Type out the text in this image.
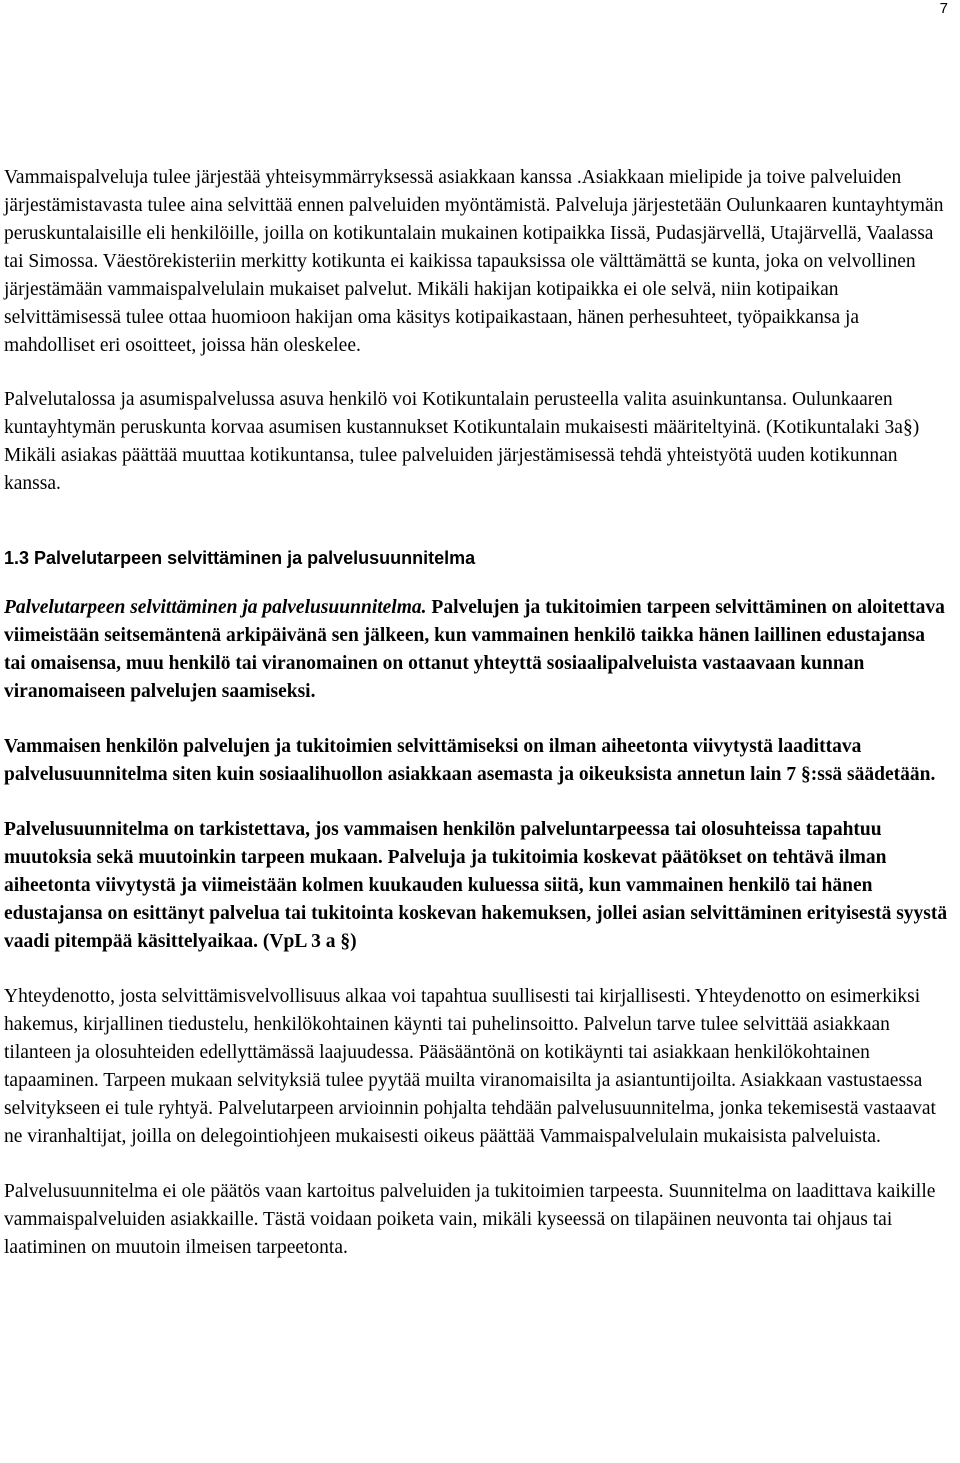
7

Vammaispalveluja tulee järjestää yhteisymmärryksessä asiakkaan kanssa .Asiakkaan mielipide ja toive palveluiden järjestämistavasta tulee aina selvittää ennen palveluiden myöntämistä. Palveluja järjestetään Oulunkaaren kuntayhtymän peruskuntalaisille eli henkilöille, joilla on kotikuntalain mukainen kotipaikka Iissä, Pudasjärvellä, Utajärvellä, Vaalassa tai Simossa. Väestörekisteriin merkitty kotikunta ei kaikissa tapauksissa ole välttämättä se kunta, joka on velvollinen järjestämään vammaispalvelulain mukaiset palvelut. Mikäli hakijan kotipaikka ei ole selvä, niin kotipaikan selvittämisessä tulee ottaa huomioon hakijan oma käsitys kotipaikastaan, hänen perhesuhteet, työpaikkansa ja mahdolliset eri osoitteet, joissa hän oleskelee.

Palvelutalossa ja asumispalvelussa asuva henkilö voi Kotikuntalain perusteella valita asuinkuntansa. Oulunkaaren kuntayhtymän peruskunta korvaa asumisen kustannukset Kotikuntalain mukaisesti määriteltyinä. (Kotikuntalaki 3a§) Mikäli asiakas päättää muuttaa kotikuntansa, tulee palveluiden järjestämisessä tehdä yhteistyötä uuden kotikunnan kanssa.

1.3 Palvelutarpeen selvittäminen ja palvelusuunnitelma

Palvelutarpeen selvittäminen ja palvelusuunnitelma. Palvelujen ja tukitoimien tarpeen selvittäminen on aloitettava viimeistään seitsemäntenä arkipäivänä sen jälkeen, kun vammainen henkilö taikka hänen laillinen edustajansa tai omaisensa, muu henkilö tai viranomainen on ottanut yhteyttä sosiaalipalveluista vastaavaan kunnan viranomaiseen palvelujen saamiseksi.

Vammaisen henkilön palvelujen ja tukitoimien selvittämiseksi on ilman aiheetonta viivytystä laadittava palvelusuunnitelma siten kuin sosiaalihuollon asiakkaan asemasta ja oikeuksista annetun lain 7 §:ssä säädetään.

Palvelusuunnitelma on tarkistettava, jos vammaisen henkilön palveluntarpeessa tai olosuhteissa tapahtuu muutoksia sekä muutoinkin tarpeen mukaan. Palveluja ja tukitoimia koskevat päätökset on tehtävä ilman aiheetonta viivytystä ja viimeistään kolmen kuukauden kuluessa siitä, kun vammainen henkilö tai hänen edustajansa on esittänyt palvelua tai tukitointa koskevan hakemuksen, jollei asian selvittäminen erityisestä syystä vaadi pitempää käsittelyaikaa. (VpL 3 a §)

Yhteydenotto, josta selvittämisvelvollisuus alkaa voi tapahtua suullisesti tai kirjallisesti. Yhteydenotto on esimerkiksi hakemus, kirjallinen tiedustelu, henkilökohtainen käynti tai puhelinsoitto. Palvelun tarve tulee selvittää asiakkaan tilanteen ja olosuhteiden edellyttämässä laajuudessa. Pääsääntönä on kotikäynti tai asiakkaan henkilökohtainen tapaaminen. Tarpeen mukaan selvityksiä tulee pyytää muilta viranomaisilta ja asiantuntijoilta. Asiakkaan vastustaessa selvitykseen ei tule ryhtyä. Palvelutarpeen arvioinnin pohjalta tehdään palvelusuunnitelma, jonka tekemisestä vastaavat ne viranhaltijat, joilla on delegointiohjeen mukaisesti oikeus päättää Vammaispalvelulain mukaisista palveluista.

Palvelusuunnitelma ei ole päätös vaan kartoitus palveluiden ja tukitoimien tarpeesta. Suunnitelma on laadittava kaikille vammaispalveluiden asiakkaille. Tästä voidaan poiketa vain, mikäli kyseessä on tilapäinen neuvonta tai ohjaus tai laatiminen on muutoin ilmeisen tarpeetonta.
